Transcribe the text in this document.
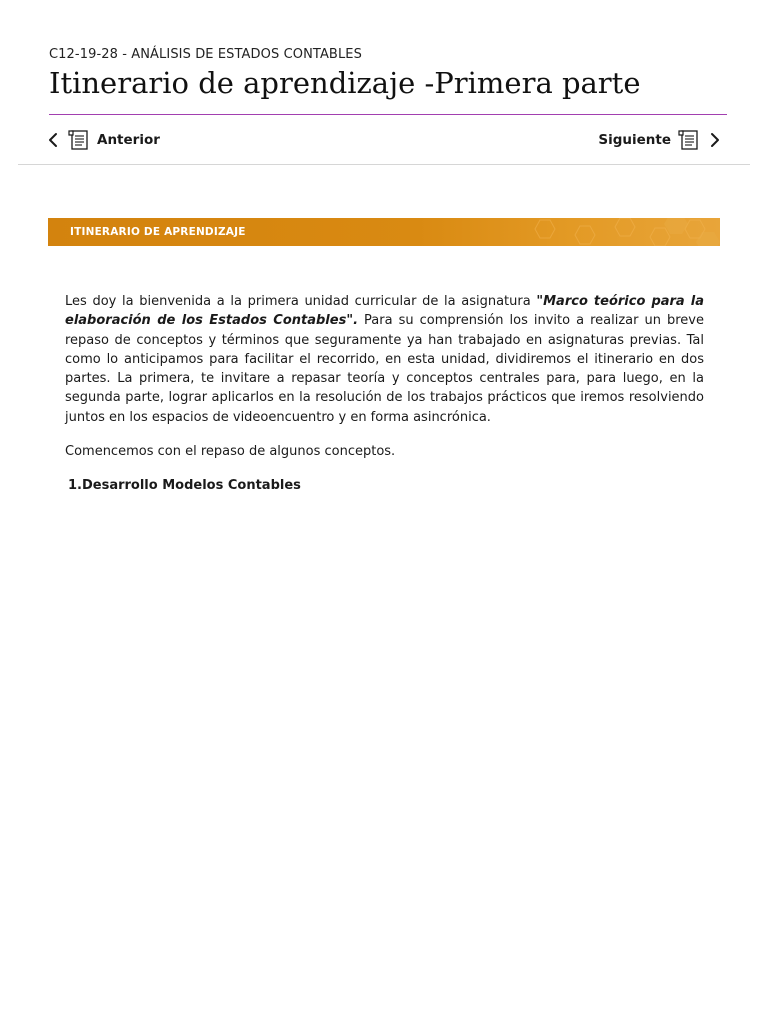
C12-19-28 - ANÁLISIS DE ESTADOS CONTABLES
Itinerario de aprendizaje -Primera parte
Anterior	Siguiente
ITINERARIO DE APRENDIZAJE

Les doy la bienvenida a la primera unidad curricular de la asignatura "Marco teórico para la elaboración de los Estados Contables". Para su comprensión los invito a realizar un breve repaso de conceptos y términos que seguramente ya han trabajado en asignaturas previas. Tal como lo anticipamos para facilitar el recorrido, en esta unidad, dividiremos el itinerario en dos partes. La primera, te invitare a repasar teoría y conceptos centrales para, para luego, en la segunda parte, lograr aplicarlos en la resolución de los trabajos prácticos que iremos resolviendo juntos en los espacios de videoencuentro y en forma asincrónica.

Comencemos con el repaso de algunos conceptos.

1.Desarrollo Modelos Contables
